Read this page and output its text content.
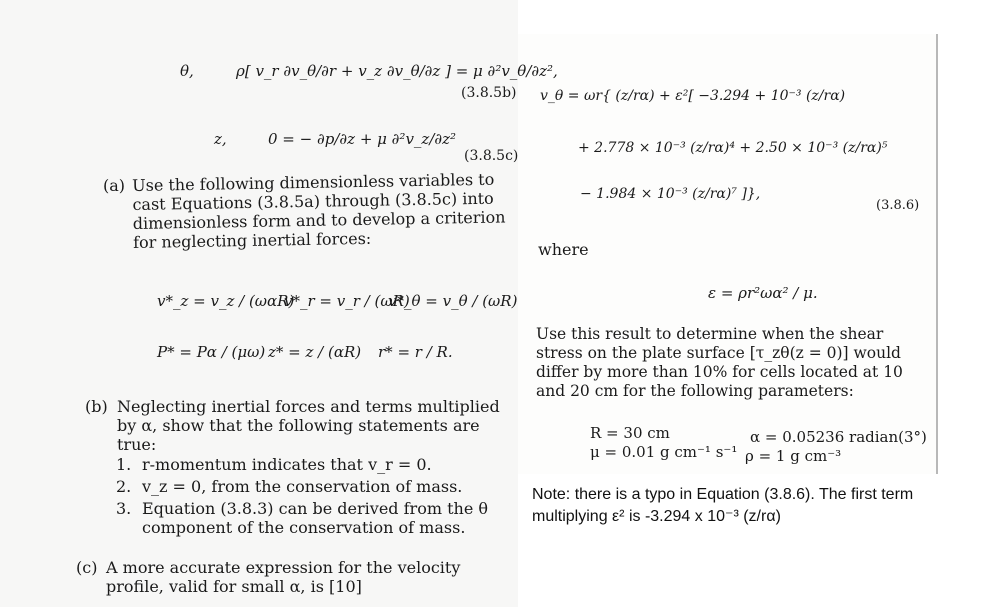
θ,	ρ[ v_r ∂v_θ/∂r + v_z ∂v_θ/∂z ] = μ ∂²v_θ/∂z²,
(3.8.5b)
z,	0 = − ∂p/∂z + μ ∂²v_z/∂z²
(3.8.5c)
(a) Use the following dimensionless variables to cast Equations (3.8.5a) through (3.8.5c) into dimensionless form and to develop a criterion for neglecting inertial forces:
v*_z = v_z / (ωαR)
v*_r = v_r / (ωR)
v*_θ = v_θ / (ωR)
P* = Pα / (μω) z* = z / (αR) r* = r / R.
(b) Neglecting inertial forces and terms multiplied by α, show that the following statements are true:
1. r-momentum indicates that v_r = 0.
2. v_z = 0, from the conservation of mass.
3. Equation (3.8.3) can be derived from the θ component of the conservation of mass.
(c) A more accurate expression for the velocity profile, valid for small α, is [10]
v_θ = ωr{ (z/rα) + ε²[ −3.294 + 10⁻³ (z/rα)
+ 2.778 × 10⁻³ (z/rα)⁴ + 2.50 × 10⁻³ (z/rα)⁵
− 1.984 × 10⁻³ (z/rα)⁷ ]},
(3.8.6)
where
ε = ρr²ωα² / μ.
Use this result to determine when the shear stress on the plate surface [τ_zθ(z = 0)] would differ by more than 10% for cells located at 10 and 20 cm for the following parameters:
R = 30 cm	α = 0.05236 radian(3°)
μ = 0.01 g cm⁻¹ s⁻¹ ρ = 1 g cm⁻³
Note: there is a typo in Equation (3.8.6). The first term multiplying ε² is -3.294 x 10⁻³ (z/rα)
